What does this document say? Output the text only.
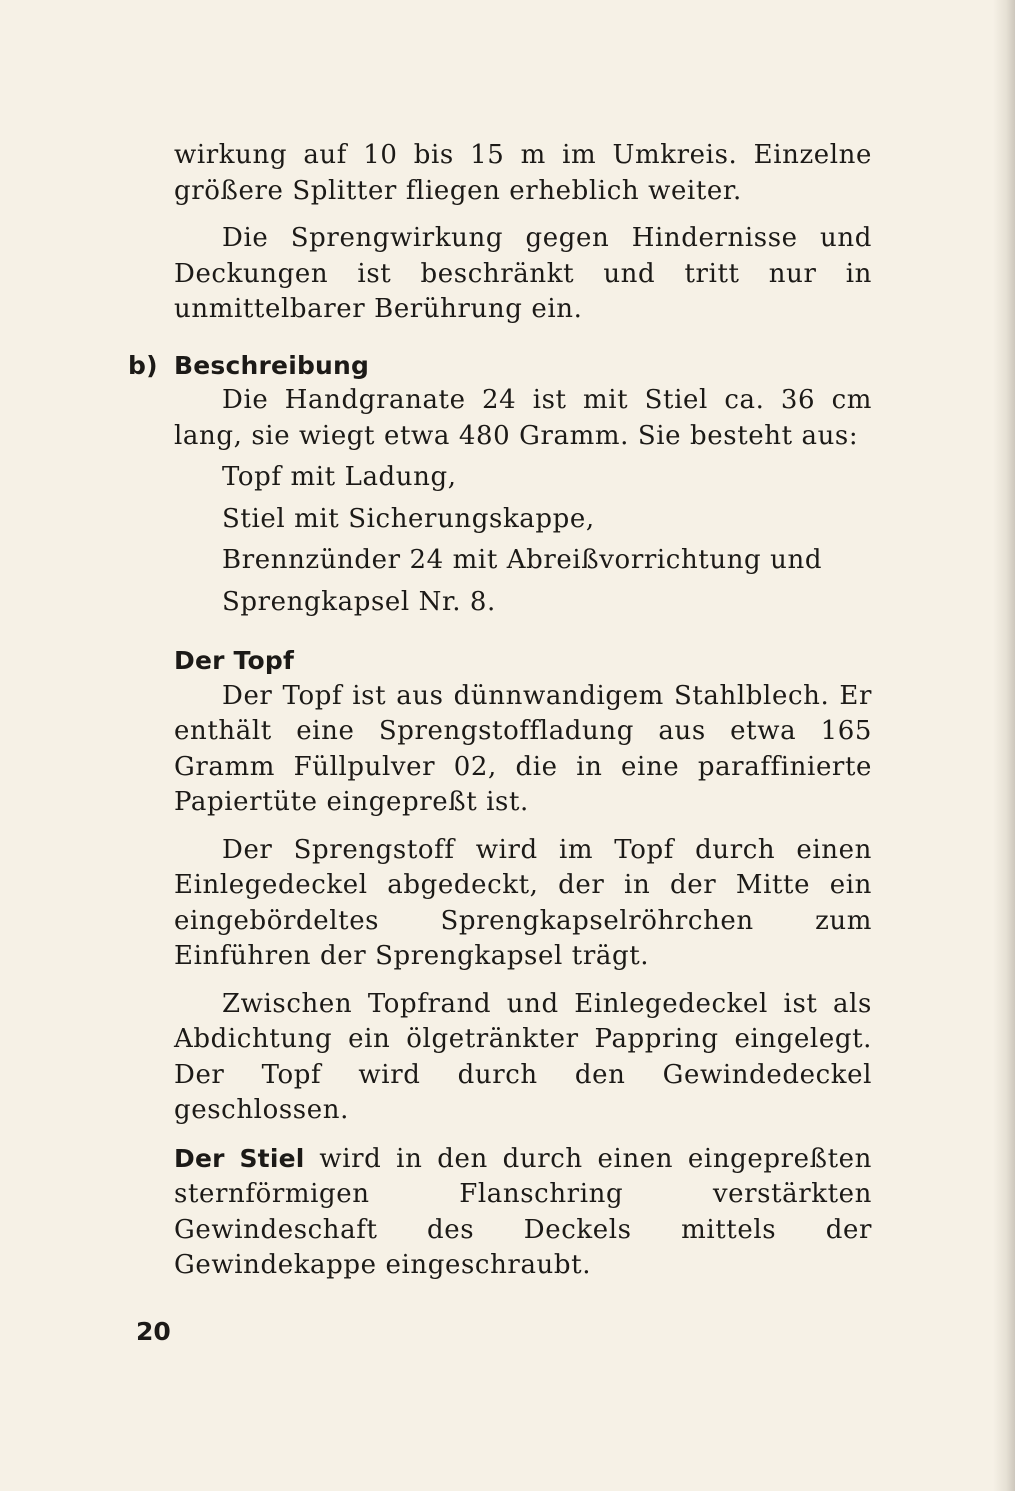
wirkung auf 10 bis 15 m im Umkreis. Einzelne größere Splitter fliegen erheblich weiter.

Die Sprengwirkung gegen Hindernisse und Deckungen ist beschränkt und tritt nur in unmittelbarer Berührung ein.

b) Beschreibung

Die Handgranate 24 ist mit Stiel ca. 36 cm lang, sie wiegt etwa 480 Gramm. Sie besteht aus:

Topf mit Ladung,
Stiel mit Sicherungskappe,
Brennzünder 24 mit Abreißvorrichtung und
Sprengkapsel Nr. 8.
Der Topf

Der Topf ist aus dünnwandigem Stahlblech. Er enthält eine Sprengstoffladung aus etwa 165 Gramm Füllpulver 02, die in eine paraffinierte Papiertüte eingepreßt ist.

Der Sprengstoff wird im Topf durch einen Einlegedeckel abgedeckt, der in der Mitte ein eingebördeltes Sprengkapselröhrchen zum Einführen der Sprengkapsel trägt.

Zwischen Topfrand und Einlegedeckel ist als Abdichtung ein ölgetränkter Pappring eingelegt. Der Topf wird durch den Gewindedeckel geschlossen.

Der Stiel wird in den durch einen eingepreßten sternförmigen Flanschring verstärkten Gewindeschaft des Deckels mittels der Gewindekappe eingeschraubt.

20
